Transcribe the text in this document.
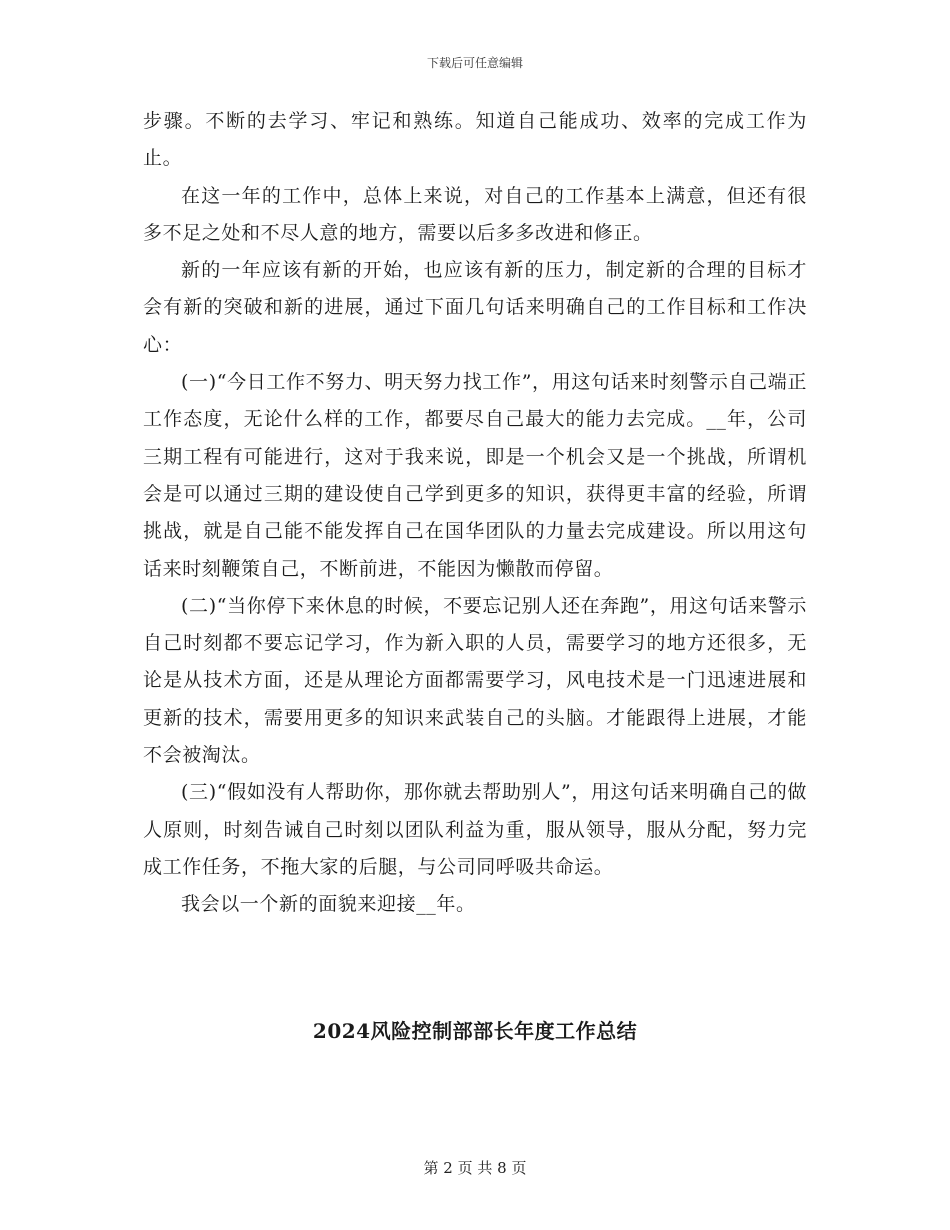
下载后可任意编辑

步骤。不断的去学习、牢记和熟练。知道自己能成功、效率的完成工作为止。

在这一年的工作中，总体上来说，对自己的工作基本上满意，但还有很多不足之处和不尽人意的地方，需要以后多多改进和修正。

新的一年应该有新的开始，也应该有新的压力，制定新的合理的目标才会有新的突破和新的进展，通过下面几句话来明确自己的工作目标和工作决心：

(一)“今日工作不努力、明天努力找工作”，用这句话来时刻警示自己端正工作态度，无论什么样的工作，都要尽自己最大的能力去完成。__年，公司三期工程有可能进行，这对于我来说，即是一个机会又是一个挑战，所谓机会是可以通过三期的建设使自己学到更多的知识，获得更丰富的经验，所谓挑战，就是自己能不能发挥自己在国华团队的力量去完成建设。所以用这句话来时刻鞭策自己，不断前进，不能因为懒散而停留。

(二)“当你停下来休息的时候，不要忘记别人还在奔跑”，用这句话来警示自己时刻都不要忘记学习，作为新入职的人员，需要学习的地方还很多，无论是从技术方面，还是从理论方面都需要学习，风电技术是一门迅速进展和更新的技术，需要用更多的知识来武装自己的头脑。才能跟得上进展，才能不会被淘汰。

(三)“假如没有人帮助你，那你就去帮助别人”，用这句话来明确自己的做人原则，时刻告诫自己时刻以团队利益为重，服从领导，服从分配，努力完成工作任务，不拖大家的后腿，与公司同呼吸共命运。

我会以一个新的面貌来迎接__年。

2024风险控制部部长年度工作总结
第 2 页 共 8 页
